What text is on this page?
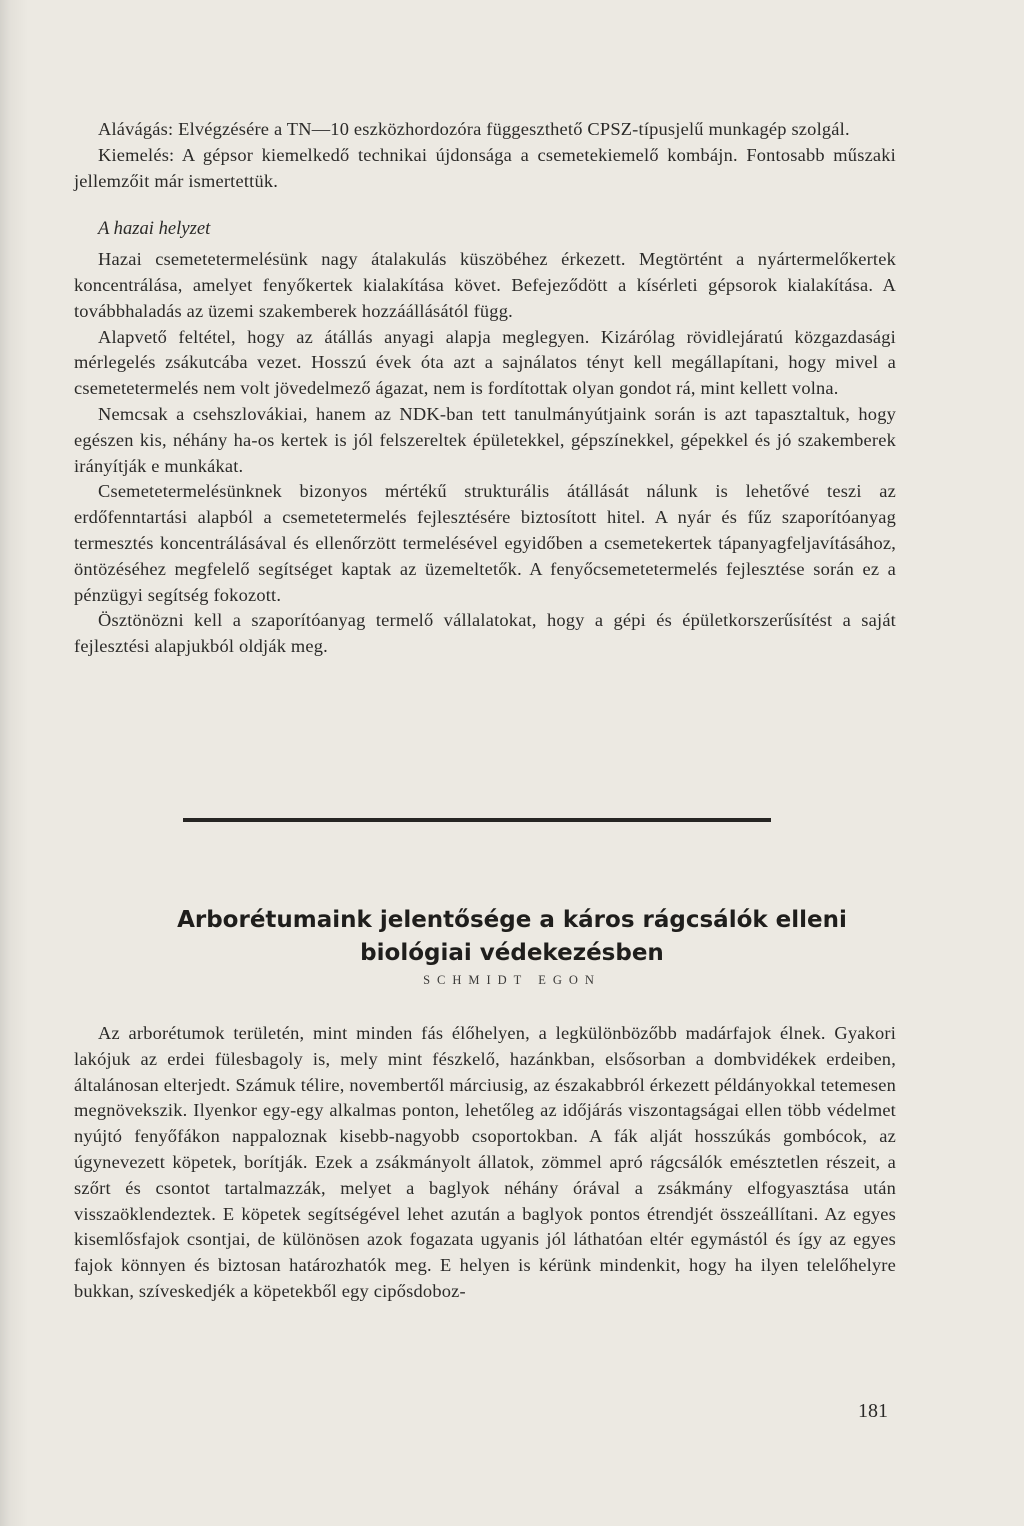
Alávágás: Elvégzésére a TN—10 eszközhordozóra függeszthető CPSZ-típusjelű munkagép szolgál.

Kiemelés: A gépsor kiemelkedő technikai újdonsága a csemetekiemelő kombájn. Fontosabb műszaki jellemzőit már ismertettük.

A hazai helyzet

Hazai csemetetermelésünk nagy átalakulás küszöbéhez érkezett. Megtörtént a nyártermelőkertek koncentrálása, amelyet fenyőkertek kialakítása követ. Befejeződött a kísérleti gépsorok kialakítása. A továbbhaladás az üzemi szakemberek hozzáállásától függ.

Alapvető feltétel, hogy az átállás anyagi alapja meglegyen. Kizárólag rövidlejáratú közgazdasági mérlegelés zsákutcába vezet. Hosszú évek óta azt a sajnálatos tényt kell megállapítani, hogy mivel a csemetetermelés nem volt jövedelmező ágazat, nem is fordítottak olyan gondot rá, mint kellett volna.

Nemcsak a csehszlovákiai, hanem az NDK-ban tett tanulmányútjaink során is azt tapasztaltuk, hogy egészen kis, néhány ha-os kertek is jól felszereltek épületekkel, gépszínekkel, gépekkel és jó szakemberek irányítják e munkákat.

Csemetetermelésünknek bizonyos mértékű strukturális átállását nálunk is lehetővé teszi az erdőfenntartási alapból a csemetetermelés fejlesztésére biztosított hitel. A nyár és fűz szaporítóanyag termesztés koncentrálásával és ellenőrzött termelésével egyidőben a csemetekertek tápanyagfeljavításához, öntözéséhez megfelelő segítséget kaptak az üzemeltetők. A fenyőcsemetetermelés fejlesztése során ez a pénzügyi segítség fokozott.

Ösztönözni kell a szaporítóanyag termelő vállalatokat, hogy a gépi és épületkorszerűsítést a saját fejlesztési alapjukból oldják meg.

Arborétumaink jelentősége a káros rágcsálók elleni
biológiai védekezésben
SCHMIDT EGON

Az arborétumok területén, mint minden fás élőhelyen, a legkülönbözőbb madárfajok élnek. Gyakori lakójuk az erdei fülesbagoly is, mely mint fészkelő, hazánkban, elsősorban a dombvidékek erdeiben, általánosan elterjedt. Számuk télire, novembertől márciusig, az északabbról érkezett példányokkal tetemesen megnövekszik. Ilyenkor egy-egy alkalmas ponton, lehetőleg az időjárás viszontagságai ellen több védelmet nyújtó fenyőfákon nappaloznak kisebb-nagyobb csoportokban. A fák alját hosszúkás gombócok, az úgynevezett köpetek, borítják. Ezek a zsákmányolt állatok, zömmel apró rágcsálók emésztetlen részeit, a szőrt és csontot tartalmazzák, melyet a baglyok néhány órával a zsákmány elfogyasztása után visszaöklendeztek. E köpetek segítségével lehet azután a baglyok pontos étrendjét összeállítani. Az egyes kisemlősfajok csontjai, de különösen azok fogazata ugyanis jól láthatóan eltér egymástól és így az egyes fajok könnyen és biztosan határozhatók meg. E helyen is kérünk mindenkit, hogy ha ilyen telelőhelyre bukkan, szíveskedjék a köpetekből egy cipősdoboz-

181
